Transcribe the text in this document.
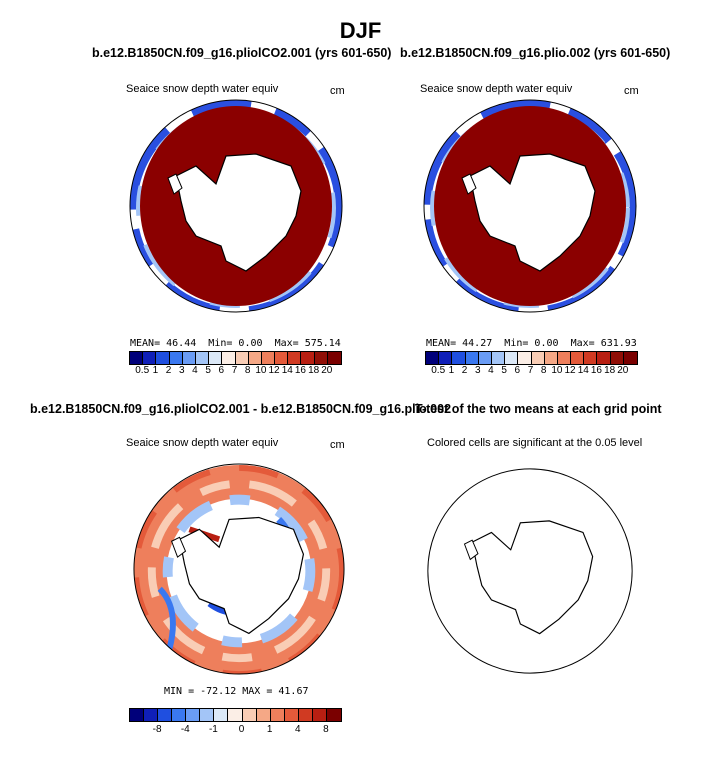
DJF
b.e12.B1850CN.f09_g16.pliolCO2.001 (yrs 601-650) b.e12.B1850CN.f09_g16.plio.002 (yrs 601-650)
Seaice snow depth water equiv	cm
MEAN= 46.44 Min= 0.00 Max= 575.14
0.5 1 2 3 4 5 6 7 8 10 12 14 16 18 20
Seaice snow depth water equiv	cm
MEAN= 44.27 Min= 0.00 Max= 631.93
0.5 1 2 3 4 5 6 7 8 10 12 14 16 18 20
b.e12.B1850CN.f09_g16.pliolCO2.001 - b.e12.B1850CN.f09_g16.plio.002
T-test of the two means at each grid point
Seaice snow depth water equiv	cm
MIN = -72.12 MAX = 41.67
-8 -4 -1 0 1 4 8
Colored cells are significant at the 0.05 level
